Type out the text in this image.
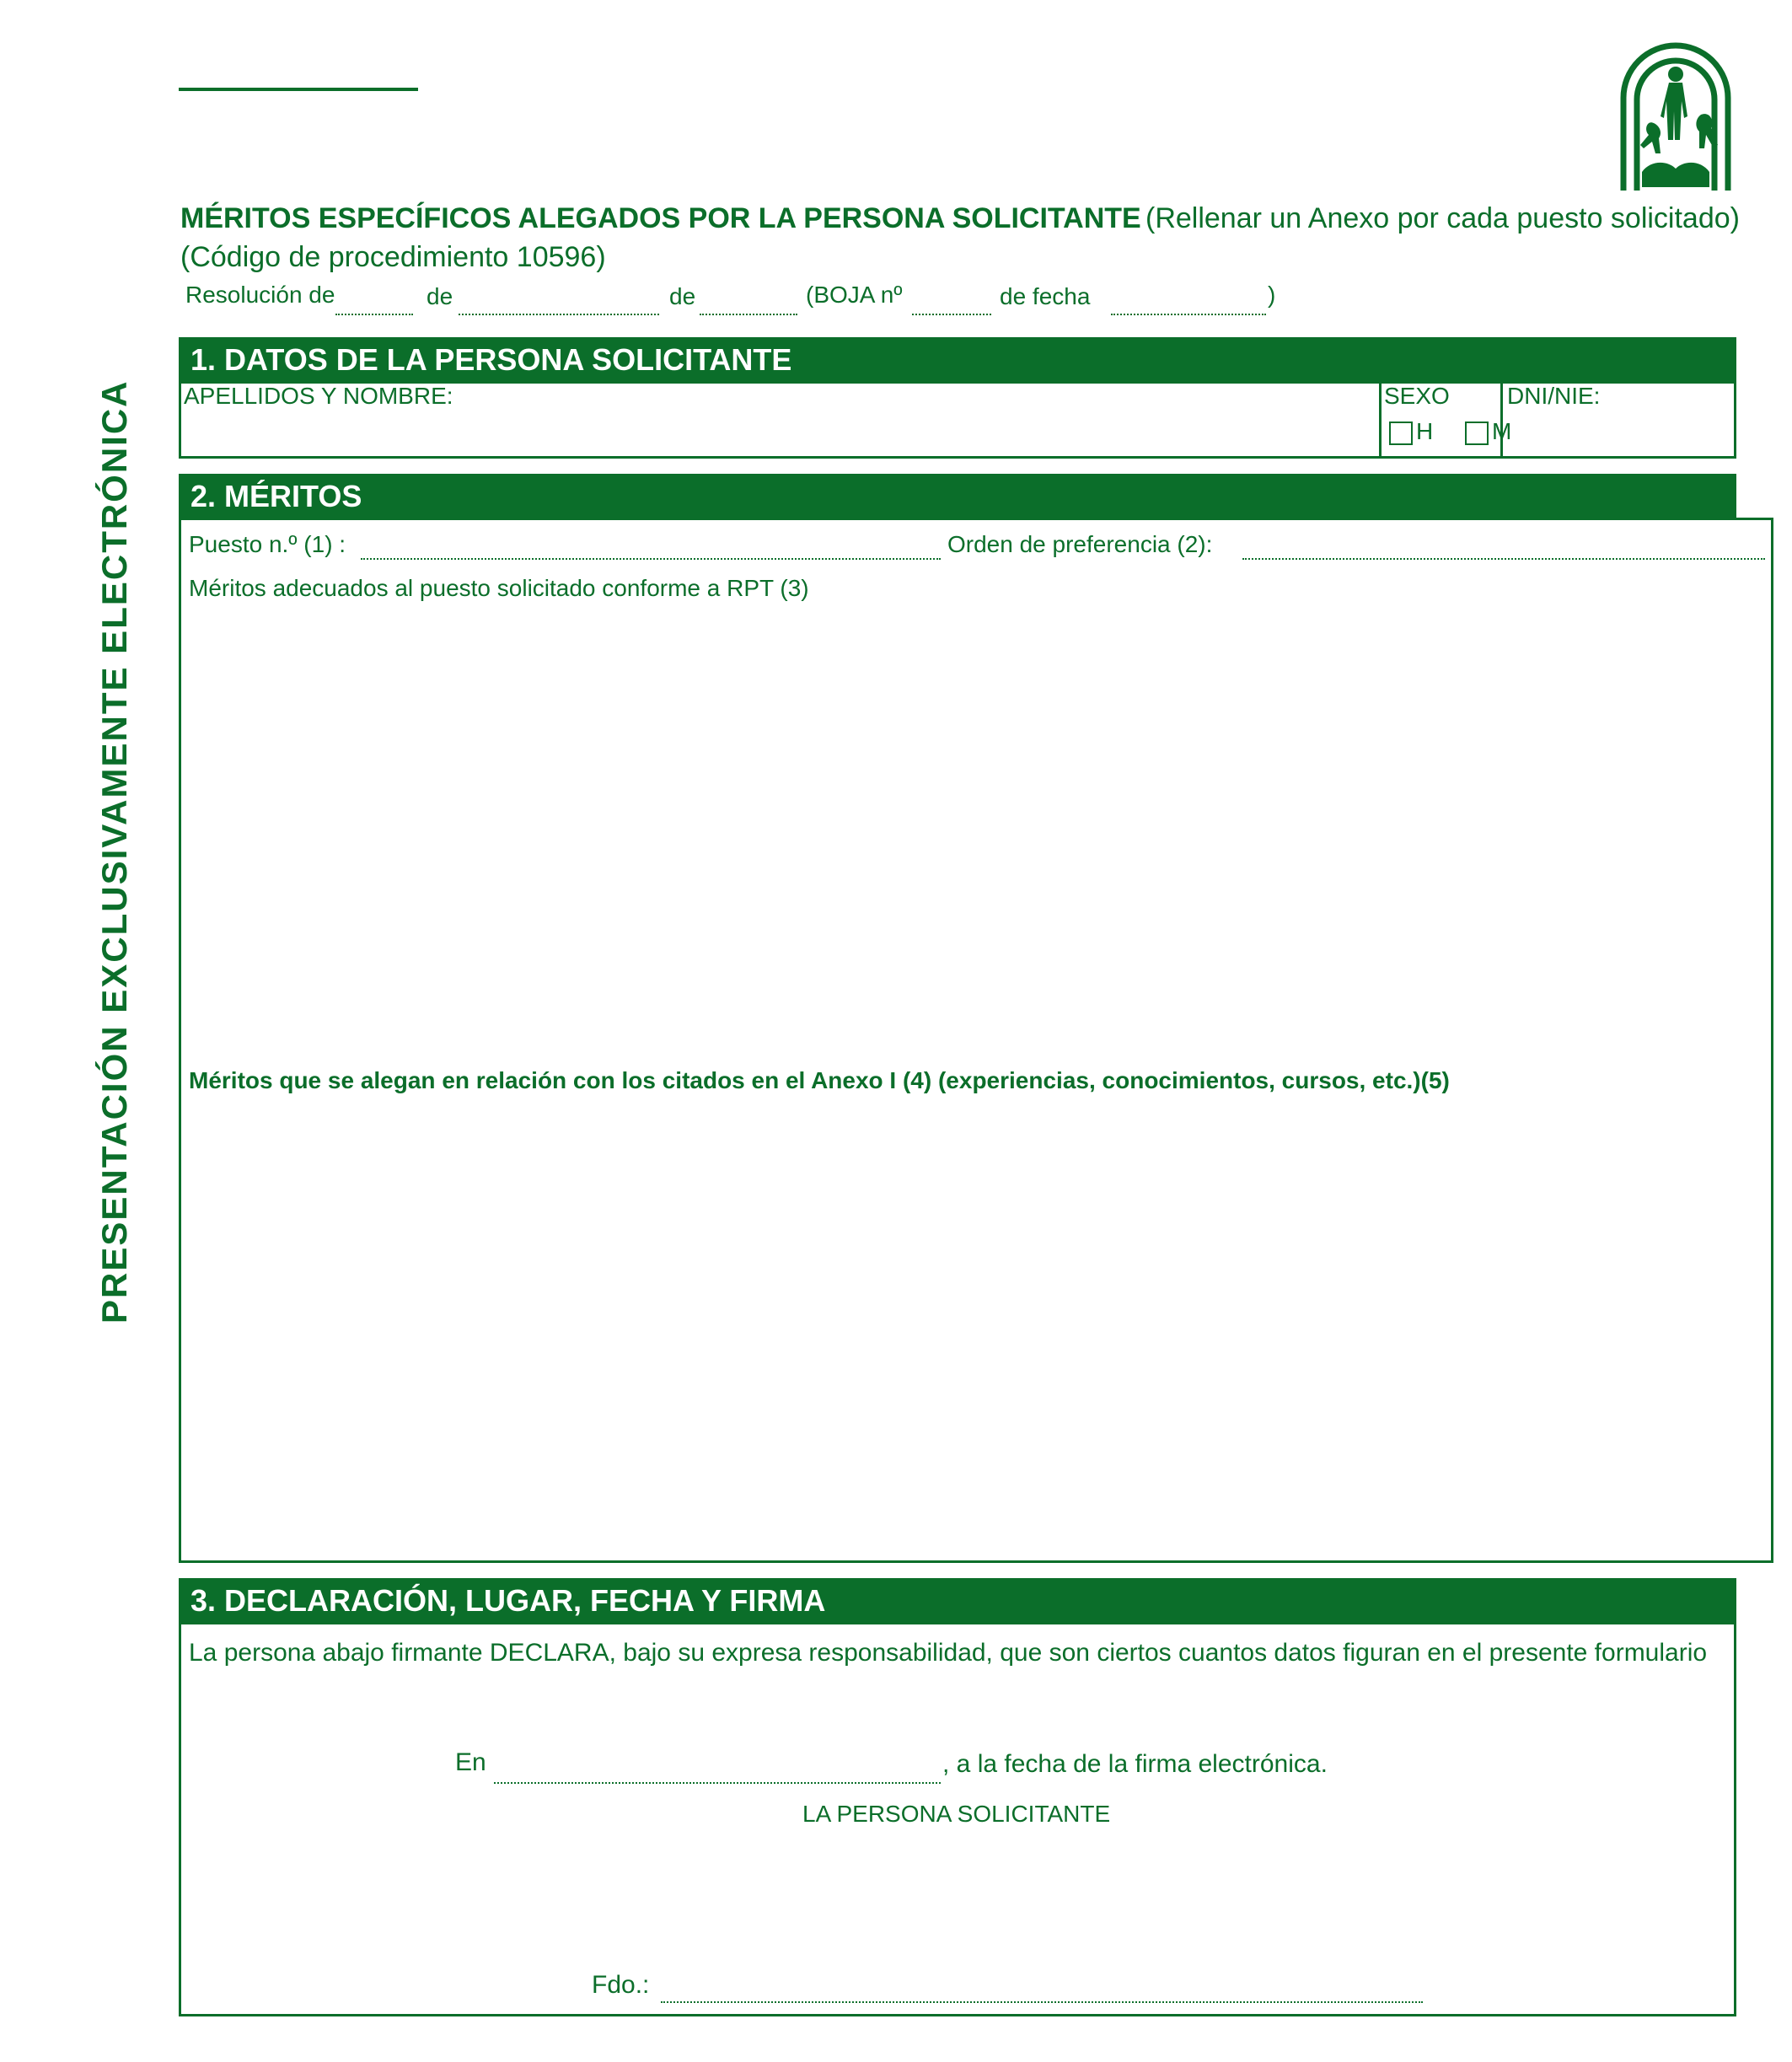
MÉRITOS ESPECÍFICOS ALEGADOS POR LA PERSONA SOLICITANTE (Rellenar un Anexo por cada puesto solicitado)
(Código de procedimiento 10596)
Resolución de	de	de	(BOJA nº	de fecha	)
PRESENTACIÓN EXCLUSIVAMENTE ELECTRÓNICA
1. DATOS DE LA PERSONA SOLICITANTE
APELLIDOS Y NOMBRE:	SEXO
H M
DNI/NIE:
2. MÉRITOS
Puesto n.º (1) :	Orden de preferencia (2):
Méritos adecuados al puesto solicitado conforme a RPT (3)
Méritos que se alegan en relación con los citados en el Anexo I (4) (experiencias, conocimientos, cursos, etc.)(5)
3. DECLARACIÓN, LUGAR, FECHA Y FIRMA
La persona abajo firmante DECLARA, bajo su expresa responsabilidad, que son ciertos cuantos datos figuran en el presente formulario
En	, a la fecha de la firma electrónica.
LA PERSONA SOLICITANTE
Fdo.:
